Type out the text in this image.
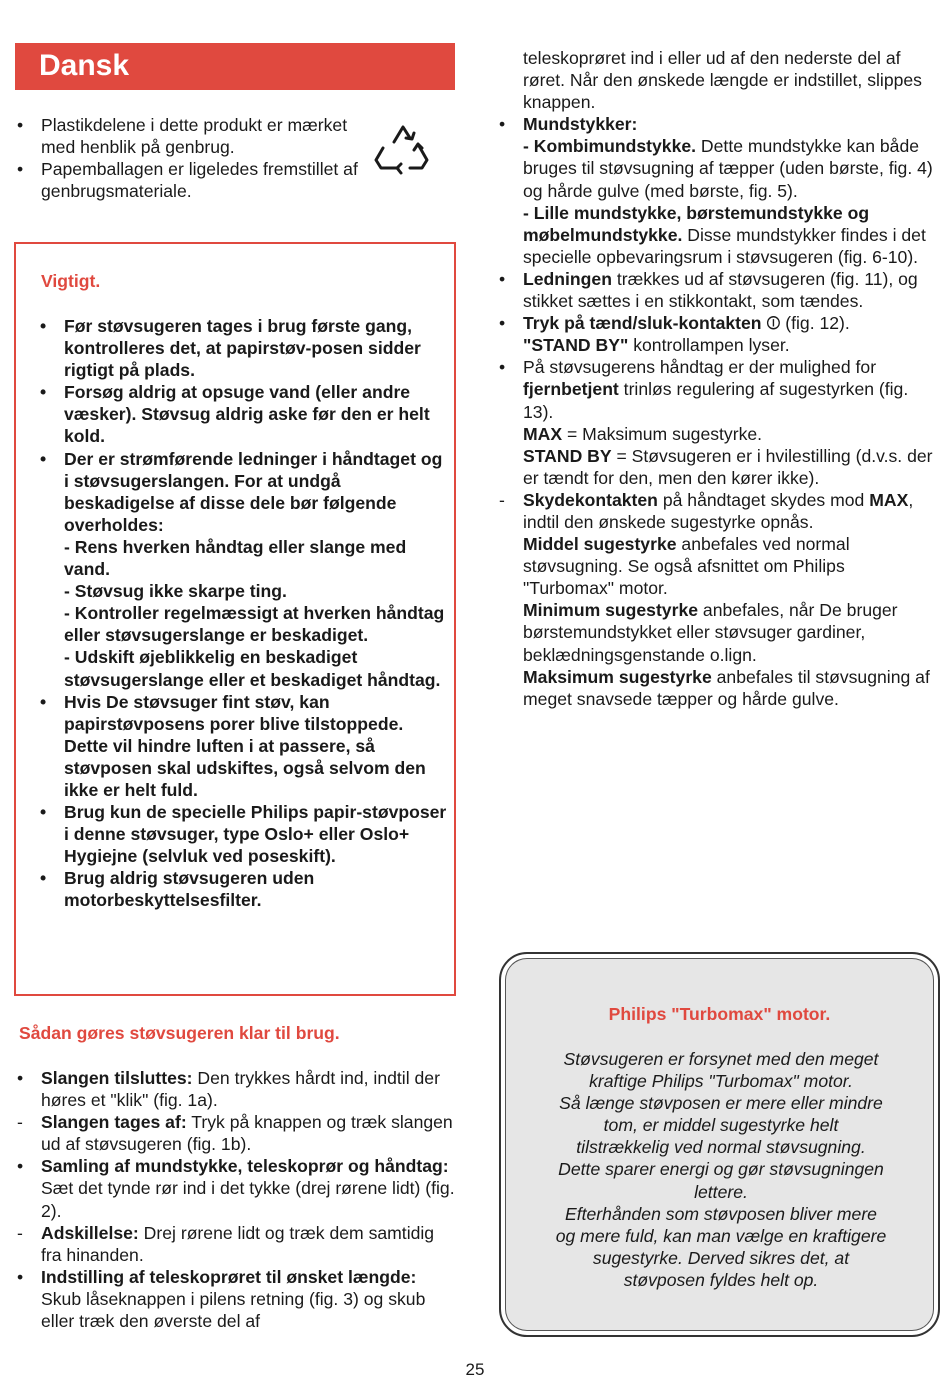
Dansk
•	Plastikdelene i dette produkt er mærket med henblik på genbrug.
•	Papemballagen er ligeledes fremstillet af genbrugsmateriale.
Vigtigt.
•	Før støvsugeren tages i brug første gang, kontrolleres det, at papirstøv-posen sidder rigtigt på plads.
•	Forsøg aldrig at opsuge vand (eller andre væsker). Støvsug aldrig aske før den er helt kold.
•	Der er strømførende ledninger i håndtaget og i støvsugerslangen. For at undgå beskadigelse af disse dele bør følgende overholdes:
- Rens hverken håndtag eller slange med vand.
- Støvsug ikke skarpe ting.
- Kontroller regelmæssigt at hverken håndtag eller støvsugerslange er beskadiget.
- Udskift øjeblikkelig en beskadiget støvsugerslange eller et beskadiget håndtag.
•	Hvis De støvsuger fint støv, kan papirstøvposens porer blive tilstoppede. Dette vil hindre luften i at passere, så støvposen skal udskiftes, også selvom den ikke er helt fuld.
•	Brug kun de specielle Philips papir-støvposer i denne støvsuger, type Oslo+ eller Oslo+ Hygiejne (selvluk ved poseskift).
•	Brug aldrig støvsugeren uden motorbeskyttelsesfilter.
Sådan gøres støvsugeren klar til brug.
•	Slangen tilsluttes: Den trykkes hårdt ind, indtil der høres et "klik" (fig. 1a).
-	Slangen tages af: Tryk på knappen og træk slangen ud af støvsugeren (fig. 1b).
•	Samling af mundstykke, teleskoprør og håndtag: Sæt det tynde rør ind i det tykke (drej rørene lidt) (fig. 2).
-	Adskillelse: Drej rørene lidt og træk dem samtidig fra hinanden.
•	Indstilling af teleskoprøret til ønsket længde: Skub låseknappen i pilens retning (fig. 3) og skub eller træk den øverste del af
teleskoprøret ind i eller ud af den nederste del af røret. Når den ønskede længde er indstillet, slippes knappen.
•	Mundstykker:
- Kombimundstykke. Dette mundstykke kan både bruges til støvsugning af tæpper (uden børste, fig. 4) og hårde gulve (med børste, fig. 5).
- Lille mundstykke, børstemundstykke og møbelmundstykke. Disse mundstykker findes i det specielle opbevaringsrum i støvsugeren (fig. 6-10).
•	Ledningen trækkes ud af støvsugeren (fig. 11), og stikket sættes i en stikkontakt, som tændes.
•	Tryk på tænd/sluk-kontakten ⏼ (fig. 12).
"STAND BY" kontrollampen lyser.
•	På støvsugerens håndtag er der mulighed for fjernbetjent trinløs regulering af sugestyrken (fig. 13).
MAX = Maksimum sugestyrke.
STAND BY = Støvsugeren er i hvilestilling (d.v.s. der er tændt for den, men den kører ikke).
-	Skydekontakten på håndtaget skydes mod MAX, indtil den ønskede sugestyrke opnås.
Middel sugestyrke anbefales ved normal støvsugning. Se også afsnittet om Philips "Turbomax" motor.
Minimum sugestyrke anbefales, når De bruger børstemundstykket eller støvsuger gardiner, beklædningsgenstande o.lign.
Maksimum sugestyrke anbefales til støvsugning af meget snavsede tæpper og hårde gulve.
Philips "Turbomax" motor.
Støvsugeren er forsynet med den meget
kraftige Philips "Turbomax" motor.
Så længe støvposen er mere eller mindre
tom, er middel sugestyrke helt
tilstrækkelig ved normal støvsugning.
Dette sparer energi og gør støvsugningen
lettere.
Efterhånden som støvposen bliver mere
og mere fuld, kan man vælge en kraftigere
sugestyrke. Derved sikres det, at
støvposen fyldes helt op.
25
